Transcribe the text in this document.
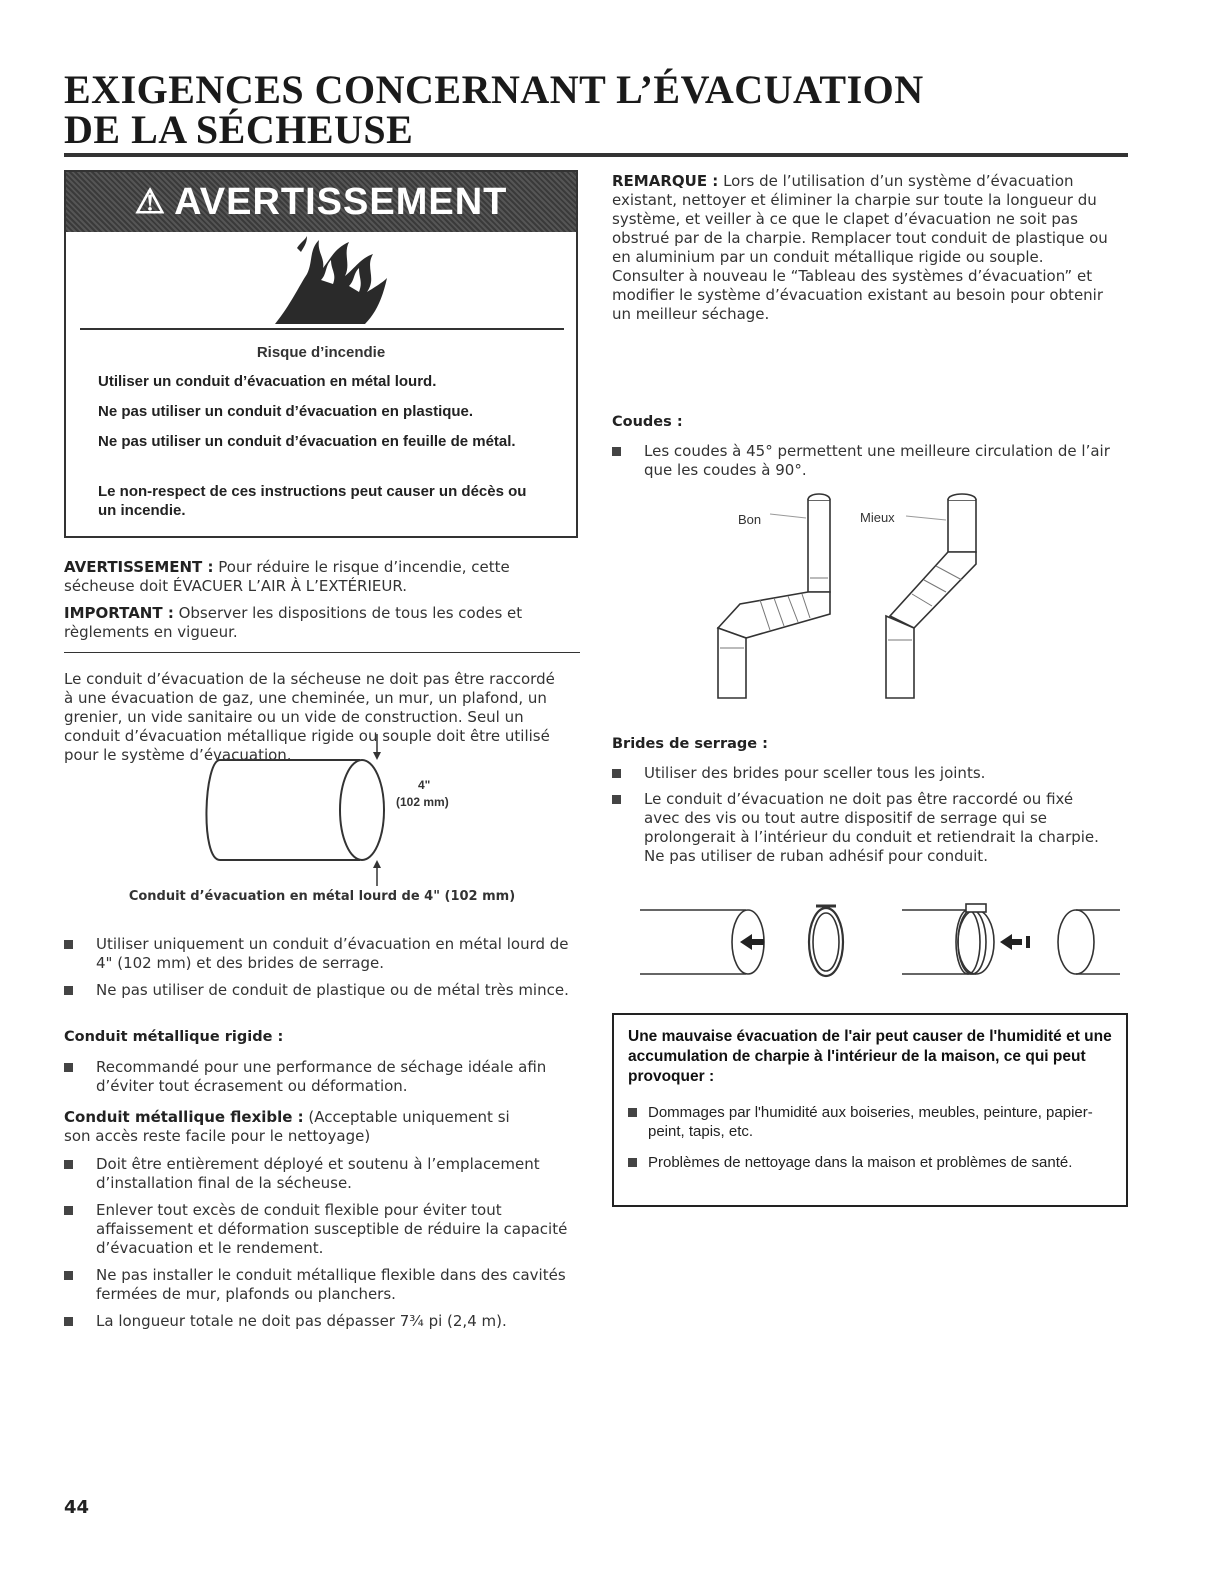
EXIGENCES CONCERNANT L’ÉVACUATION
DE LA SÉCHEUSE
⚠ AVERTISSEMENT
Risque d’incendie
Utiliser un conduit d’évacuation en métal lourd.
Ne pas utiliser un conduit d’évacuation en plastique.
Ne pas utiliser un conduit d’évacuation en feuille de métal.
Le non-respect de ces instructions peut causer un décès ou un incendie.
AVERTISSEMENT : Pour réduire le risque d’incendie, cette sécheuse doit ÉVACUER L’AIR À L’EXTÉRIEUR.
IMPORTANT : Observer les dispositions de tous les codes et règlements en vigueur.
Le conduit d’évacuation de la sécheuse ne doit pas être raccordé à une évacuation de gaz, une cheminée, un mur, un plafond, un grenier, un vide sanitaire ou un vide de construction. Seul un conduit d’évacuation métallique rigide ou souple doit être utilisé pour le système d’évacuation.
4"
(102 mm)
Conduit d’évacuation en métal lourd de 4" (102 mm)
Utiliser uniquement un conduit d’évacuation en métal lourd de 4" (102 mm) et des brides de serrage.
Ne pas utiliser de conduit de plastique ou de métal très mince.
Conduit métallique rigide :
Recommandé pour une performance de séchage idéale afin d’éviter tout écrasement ou déformation.
Conduit métallique flexible : (Acceptable uniquement si son accès reste facile pour le nettoyage)
Doit être entièrement déployé et soutenu à l’emplacement d’installation final de la sécheuse.
Enlever tout excès de conduit flexible pour éviter tout affaissement et déformation susceptible de réduire la capacité d’évacuation et le rendement.
Ne pas installer le conduit métallique flexible dans des cavités fermées de mur, plafonds ou planchers.
La longueur totale ne doit pas dépasser 7³⁄₄ pi (2,4 m).
REMARQUE : Lors de l’utilisation d’un système d’évacuation existant, nettoyer et éliminer la charpie sur toute la longueur du système, et veiller à ce que le clapet d’évacuation ne soit pas obstrué par de la charpie. Remplacer tout conduit de plastique ou en aluminium par un conduit métallique rigide ou souple. Consulter à nouveau le “Tableau des systèmes d’évacuation” et modifier le système d’évacuation existant au besoin pour obtenir un meilleur séchage.
Coudes :
Les coudes à 45° permettent une meilleure circulation de l’air que les coudes à 90°.
Bon	Mieux
Brides de serrage :
Utiliser des brides pour sceller tous les joints.
Le conduit d’évacuation ne doit pas être raccordé ou fixé avec des vis ou tout autre dispositif de serrage qui se prolongerait à l’intérieur du conduit et retiendrait la charpie. Ne pas utiliser de ruban adhésif pour conduit.
Une mauvaise évacuation de l'air peut causer de l'humidité et une accumulation de charpie à l'intérieur de la maison, ce qui peut provoquer :
Dommages par l'humidité aux boiseries, meubles, peinture, papier-peint, tapis, etc.
Problèmes de nettoyage dans la maison et problèmes de santé.
44
